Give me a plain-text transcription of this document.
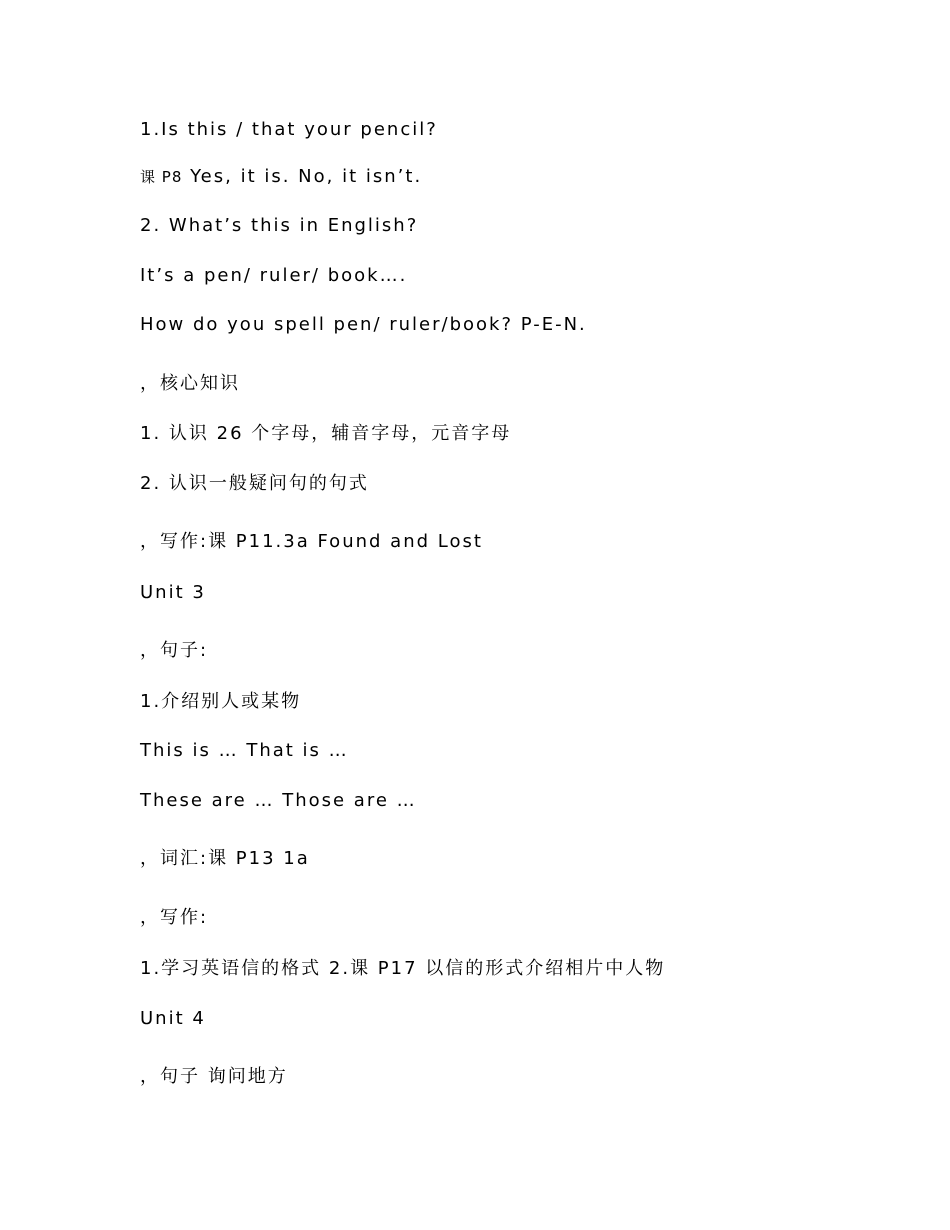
1.Is this / that your pencil?
课 P8 Yes, it is. No, it isn’t.
2. What’s this in English?
It’s a pen/ ruler/ book….
How do you spell pen/ ruler/book? P-E-N.
，核心知识
1. 认识 26 个字母，辅音字母，元音字母
2. 认识一般疑问句的句式
，写作:课 P11.3a Found and Lost
Unit 3
，句子:
1.介绍别人或某物
This is … That is …
These are … Those are …
，词汇:课 P13 1a
，写作:
1.学习英语信的格式 2.课 P17 以信的形式介绍相片中人物
Unit 4
，句子 询问地方
